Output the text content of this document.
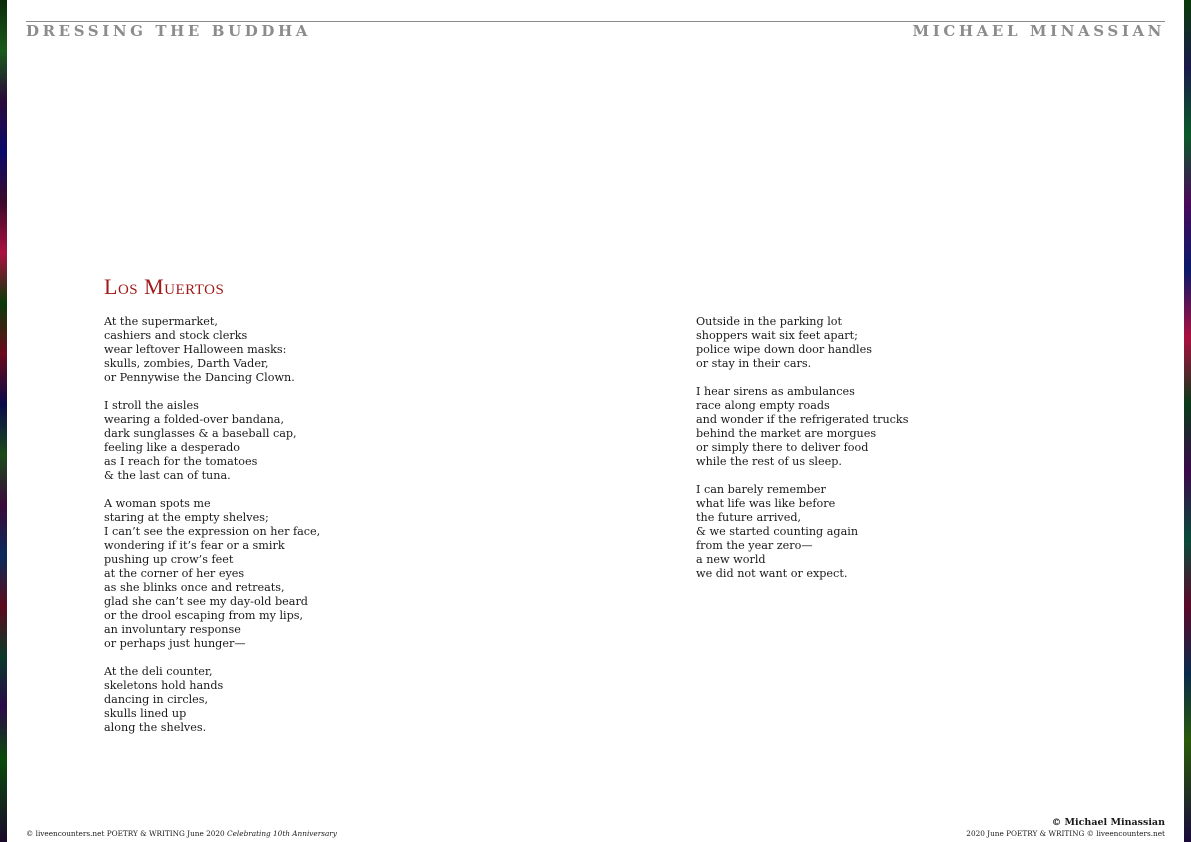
DRESSING THE BUDDHA	MICHAEL MINASSIAN
Los Muertos

At the supermarket,
cashiers and stock clerks
wear leftover Halloween masks:
skulls, zombies, Darth Vader,
or Pennywise the Dancing Clown.

I stroll the aisles
wearing a folded-over bandana,
dark sunglasses & a baseball cap,
feeling like a desperado
as I reach for the tomatoes
& the last can of tuna.

A woman spots me
staring at the empty shelves;
I can’t see the expression on her face,
wondering if it’s fear or a smirk
pushing up crow’s feet
at the corner of her eyes
as she blinks once and retreats,
glad she can’t see my day-old beard
or the drool escaping from my lips,
an involuntary response
or perhaps just hunger—

At the deli counter,
skeletons hold hands
dancing in circles,
skulls lined up
along the shelves.

Outside in the parking lot
shoppers wait six feet apart;
police wipe down door handles
or stay in their cars.

I hear sirens as ambulances
race along empty roads
and wonder if the refrigerated trucks
behind the market are morgues
or simply there to deliver food
while the rest of us sleep.

I can barely remember
what life was like before
the future arrived,
& we started counting again
from the year zero—
a new world
we did not want or expect.

© liveencounters.net POETRY & WRITING June 2020 Celebrating 10th Anniversary
© Michael Minassian
2020 June POETRY & WRITING © liveencounters.net
